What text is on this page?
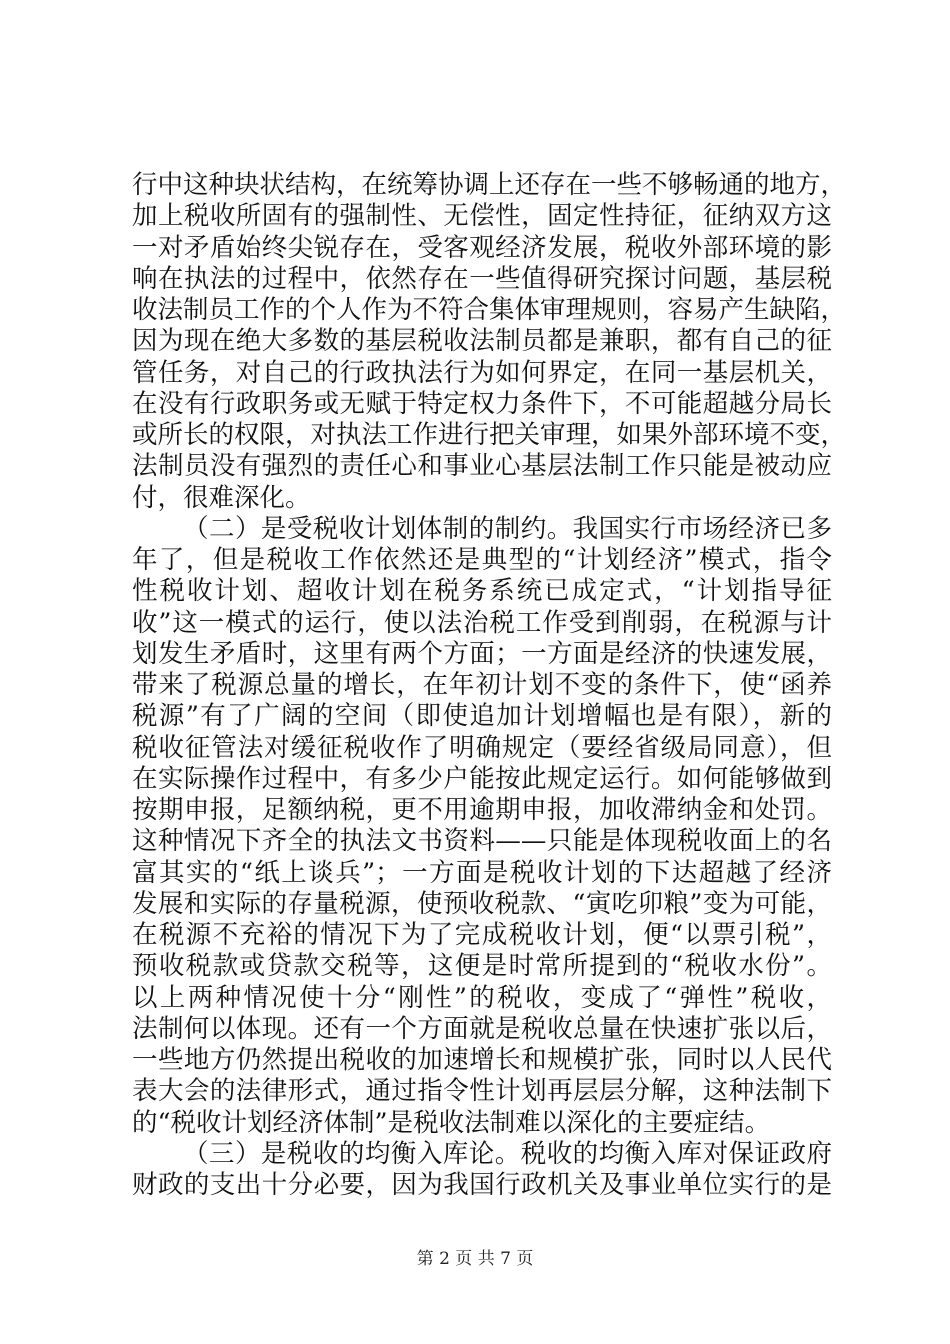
行中这种块状结构，在统筹协调上还存在一些不够畅通的地方，
加上税收所固有的强制性、无偿性，固定性持征，征纳双方这
一对矛盾始终尖锐存在，受客观经济发展，税收外部环境的影
响在执法的过程中，依然存在一些值得研究探讨问题，基层税
收法制员工作的个人作为不符合集体审理规则，容易产生缺陷，
因为现在绝大多数的基层税收法制员都是兼职，都有自己的征
管任务，对自己的行政执法行为如何界定，在同一基层机关，
在没有行政职务或无赋于特定权力条件下，不可能超越分局长
或所长的权限，对执法工作进行把关审理，如果外部环境不变，
法制员没有强烈的责任心和事业心基层法制工作只能是被动应
付，很难深化。
（二）是受税收计划体制的制约。我国实行市场经济已多
年了，但是税收工作依然还是典型的“计划经济”模式，指令
性税收计划、超收计划在税务系统已成定式，“计划指导征
收”这一模式的运行，使以法治税工作受到削弱，在税源与计
划发生矛盾时，这里有两个方面；一方面是经济的快速发展，
带来了税源总量的增长，在年初计划不变的条件下，使“函养
税源”有了广阔的空间（即使追加计划增幅也是有限），新的
税收征管法对缓征税收作了明确规定（要经省级局同意），但
在实际操作过程中，有多少户能按此规定运行。如何能够做到
按期申报，足额纳税，更不用逾期申报，加收滞纳金和处罚。
这种情况下齐全的执法文书资料——只能是体现税收面上的名
富其实的“纸上谈兵”；一方面是税收计划的下达超越了经济
发展和实际的存量税源，使预收税款、“寅吃卯粮”变为可能，
在税源不充裕的情况下为了完成税收计划，便“以票引税”，
预收税款或贷款交税等，这便是时常所提到的“税收水份”。
以上两种情况使十分“刚性”的税收，变成了“弹性”税收，
法制何以体现。还有一个方面就是税收总量在快速扩张以后，
一些地方仍然提出税收的加速增长和规模扩张，同时以人民代
表大会的法律形式，通过指令性计划再层层分解，这种法制下
的“税收计划经济体制”是税收法制难以深化的主要症结。
（三）是税收的均衡入库论。税收的均衡入库对保证政府
财政的支出十分必要，因为我国行政机关及事业单位实行的是
第 2 页 共 7 页
